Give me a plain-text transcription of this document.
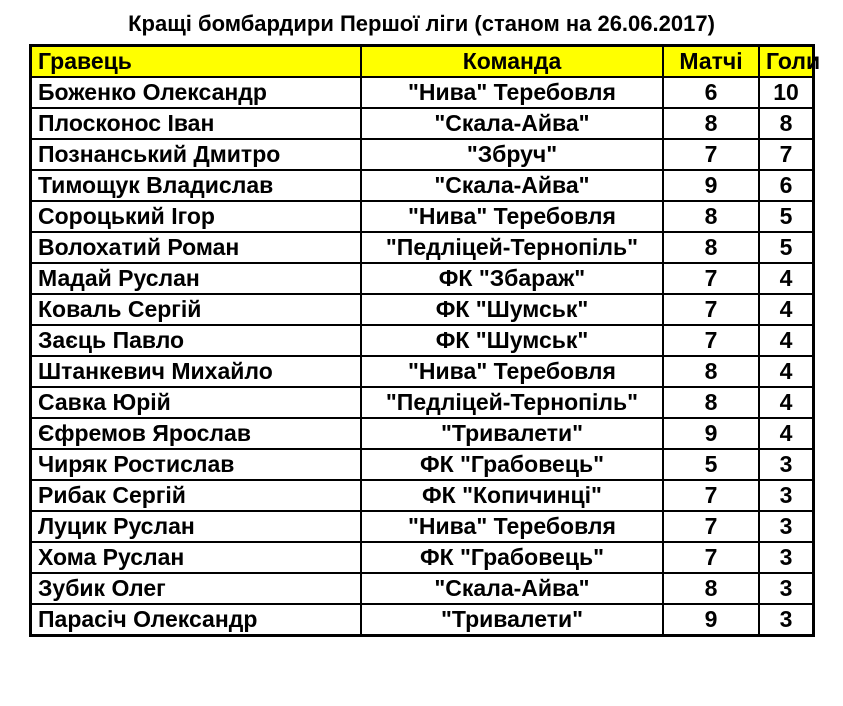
Кращі бомбардири Першої ліги (станом на 26.06.2017)
Гравець	Команда	Матчі	Голи
Боженко Олександр	"Нива" Теребовля	6	10
Плосконос Іван	"Скала-Айва"	8	8
Познанський Дмитро	"Збруч"	7	7
Тимощук Владислав	"Скала-Айва"	9	6
Сороцький Ігор	"Нива" Теребовля	8	5
Волохатий Роман	"Педліцей-Тернопіль"	8	5
Мадай Руслан	ФК "Збараж"	7	4
Коваль Сергій	ФК "Шумськ"	7	4
Заєць Павло	ФК "Шумськ"	7	4
Штанкевич Михайло	"Нива" Теребовля	8	4
Савка Юрій	"Педліцей-Тернопіль"	8	4
Єфремов Ярослав	"Тривалети"	9	4
Чиряк Ростислав	ФК "Грабовець"	5	3
Рибак Сергій	ФК "Копичинці"	7	3
Луцик Руслан	"Нива" Теребовля	7	3
Хома Руслан	ФК "Грабовець"	7	3
Зубик Олег	"Скала-Айва"	8	3
Парасіч Олександр	"Тривалети"	9	3
